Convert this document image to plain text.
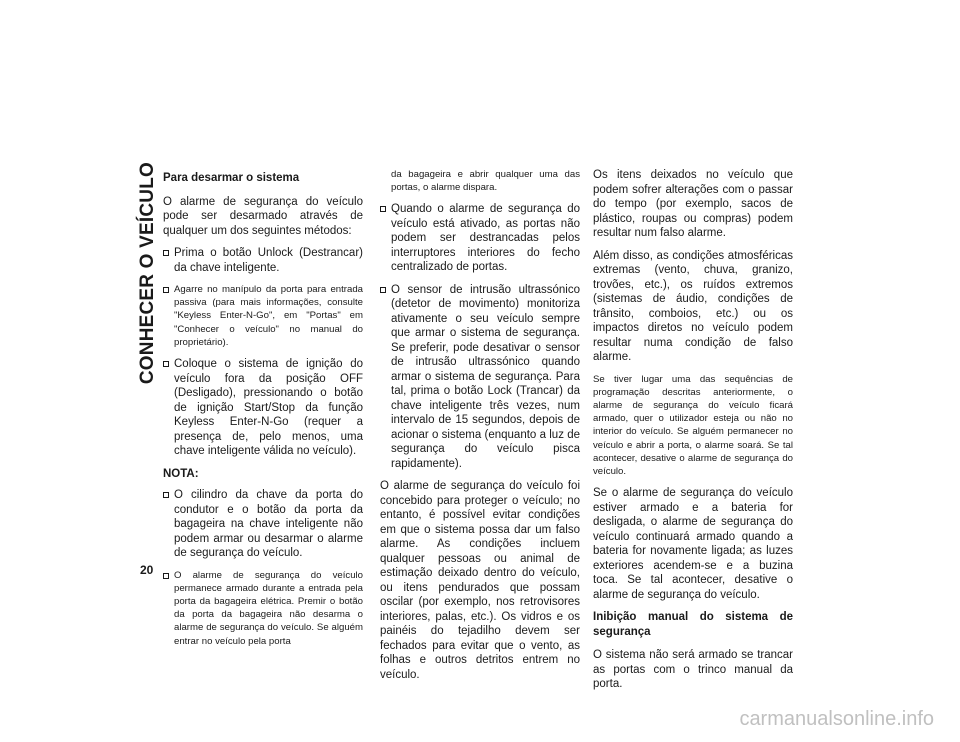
CONHECER O VEÍCULO
20
Para desarmar o sistema

O alarme de segurança do veículo pode ser desarmado através de qualquer um dos seguintes métodos:

Prima o botão Unlock (Destrancar) da chave inteligente.
Agarre no manípulo da porta para entrada passiva (para mais informações, consulte "Keyless Enter-N-Go", em "Portas" em "Conhecer o veículo" no manual do proprietário).
Coloque o sistema de ignição do veículo fora da posição OFF (Desligado), pressionando o botão de ignição Start/Stop da função Keyless Enter-N-Go (requer a presença de, pelo menos, uma chave inteligente válida no veículo).
NOTA:
O cilindro da chave da porta do condutor e o botão da porta da bagageira na chave inteligente não podem armar ou desarmar o alarme de segurança do veículo.
O alarme de segurança do veículo permanece armado durante a entrada pela porta da bagageira elétrica. Premir o botão da porta da bagageira não desarma o alarme de segurança do veículo. Se alguém entrar no veículo pela porta
da bagageira e abrir qualquer uma das portas, o alarme dispara.
Quando o alarme de segurança do veículo está ativado, as portas não podem ser destrancadas pelos interruptores interiores do fecho centralizado de portas.
O sensor de intrusão ultrassónico (detetor de movimento) monitoriza ativamente o seu veículo sempre que armar o sistema de segurança. Se preferir, pode desativar o sensor de intrusão ultrassónico quando armar o sistema de segurança. Para tal, prima o botão Lock (Trancar) da chave inteligente três vezes, num intervalo de 15 segundos, depois de acionar o sistema (enquanto a luz de segurança do veículo pisca rapidamente).

O alarme de segurança do veículo foi concebido para proteger o veículo; no entanto, é possível evitar condições em que o sistema possa dar um falso alarme. As condições incluem qualquer pessoas ou animal de estimação deixado dentro do veículo, ou itens pendurados que possam oscilar (por exemplo, nos retrovisores interiores, palas, etc.). Os vidros e os painéis do tejadilho devem ser fechados para evitar que o vento, as folhas e outros detritos entrem no veículo.

Os itens deixados no veículo que podem sofrer alterações com o passar do tempo (por exemplo, sacos de plástico, roupas ou compras) podem resultar num falso alarme.

Além disso, as condições atmosféricas extremas (vento, chuva, granizo, trovões, etc.), os ruídos extremos (sistemas de áudio, condições de trânsito, comboios, etc.) ou os impactos diretos no veículo podem resultar numa condição de falso alarme.

Se tiver lugar uma das sequências de programação descritas anteriormente, o alarme de segurança do veículo ficará armado, quer o utilizador esteja ou não no interior do veículo. Se alguém permanecer no veículo e abrir a porta, o alarme soará. Se tal acontecer, desative o alarme de segurança do veículo.

Se o alarme de segurança do veículo estiver armado e a bateria for desligada, o alarme de segurança do veículo continuará armado quando a bateria for novamente ligada; as luzes exteriores acendem-se e a buzina toca. Se tal acontecer, desative o alarme de segurança do veículo.

Inibição manual do sistema de segurança

O sistema não será armado se trancar as portas com o trinco manual da porta.

carmanualsonline.info
